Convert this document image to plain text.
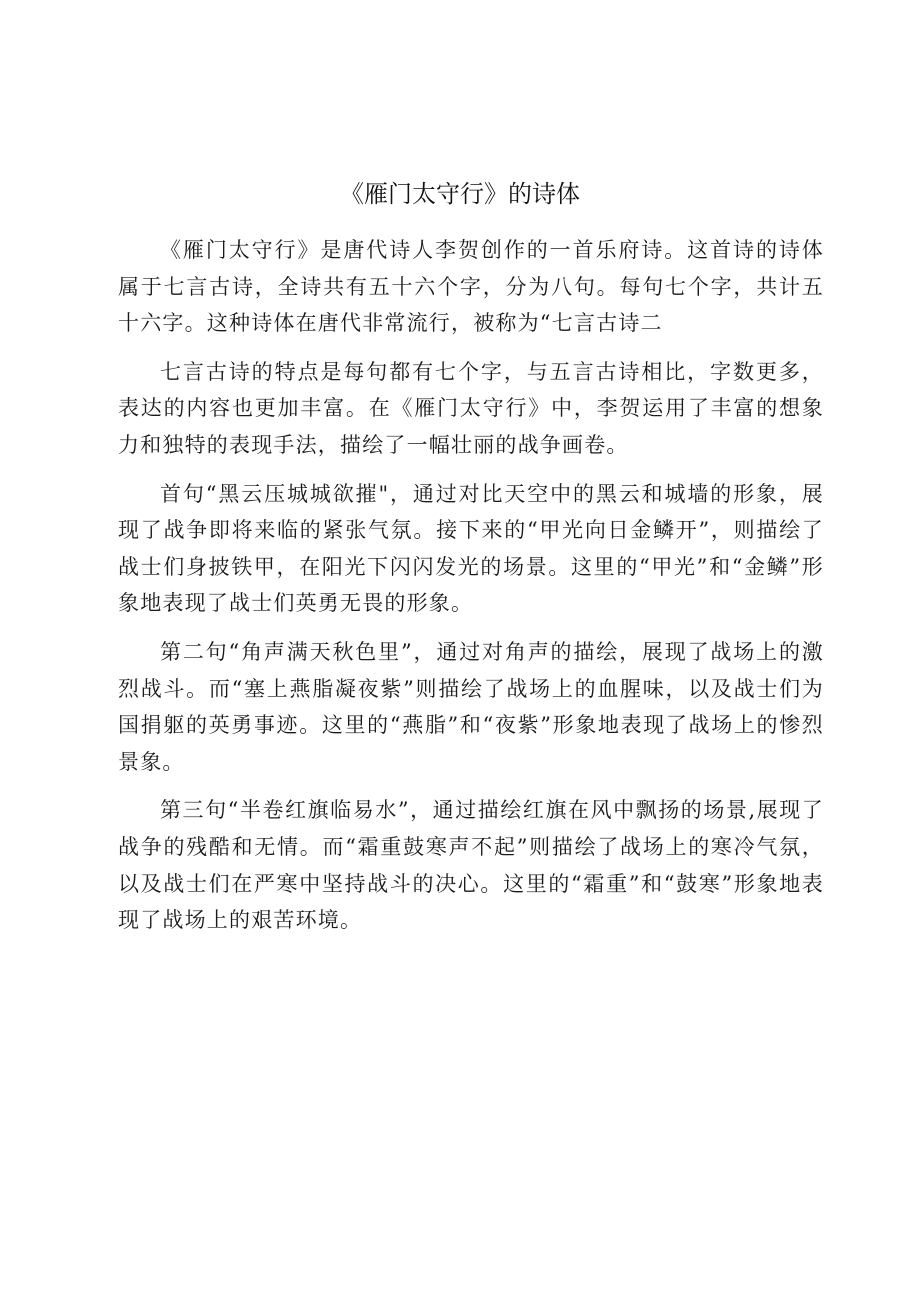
《雁门太守行》的诗体

《雁门太守行》是唐代诗人李贺创作的一首乐府诗。这首诗的诗体属于七言古诗，全诗共有五十六个字，分为八句。每句七个字，共计五十六字。这种诗体在唐代非常流行，被称为“七言古诗二

七言古诗的特点是每句都有七个字，与五言古诗相比，字数更多，表达的内容也更加丰富。在《雁门太守行》中，李贺运用了丰富的想象力和独特的表现手法，描绘了一幅壮丽的战争画卷。

首句“黑云压城城欲摧"，通过对比天空中的黑云和城墙的形象，展现了战争即将来临的紧张气氛。接下来的“甲光向日金鳞开”，则描绘了战士们身披铁甲，在阳光下闪闪发光的场景。这里的“甲光”和“金鳞”形象地表现了战士们英勇无畏的形象。

第二句“角声满天秋色里”，通过对角声的描绘，展现了战场上的激烈战斗。而“塞上燕脂凝夜紫”则描绘了战场上的血腥味，以及战士们为国捐躯的英勇事迹。这里的“燕脂”和“夜紫”形象地表现了战场上的惨烈景象。

第三句“半卷红旗临易水”，通过描绘红旗在风中飘扬的场景,展现了战争的残酷和无情。而“霜重鼓寒声不起”则描绘了战场上的寒冷气氛，以及战士们在严寒中坚持战斗的决心。这里的“霜重”和“鼓寒”形象地表现了战场上的艰苦环境。
